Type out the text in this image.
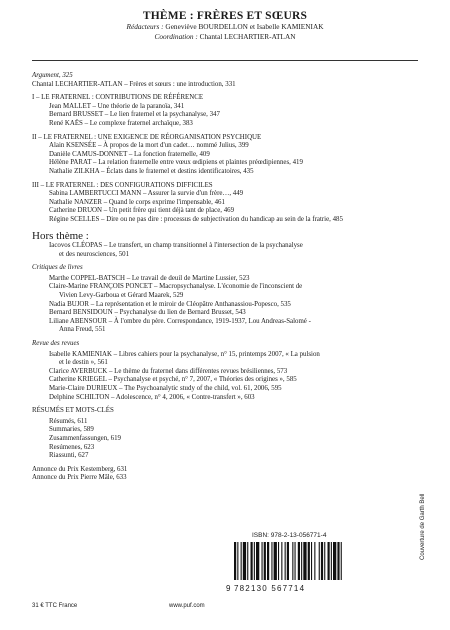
THÈME : FRÈRES ET SŒURS
Rédacteurs : Geneviève BOURDELLON et Isabelle KAMIENIAK
Coordination : Chantal LECHARTIER-ATLAN
Argument, 325
Chantal LECHARTIER-ATLAN – Frères et sœurs : une introduction, 331
I – LE FRATERNEL : CONTRIBUTIONS DE RÉFÉRENCE
Jean MALLET – Une théorie de la paranoïa, 341
Bernard BRUSSET – Le lien fraternel et la psychanalyse, 347
René KAËS – Le complexe fraternel archaïque, 383
II – LE FRATERNEL : UNE EXIGENCE DE RÉORGANISATION PSYCHIQUE
Alain KSENSÉE – À propos de la mort d'un cadet… nommé Julius, 399
Danièle CAMUS-DONNET – La fonction fraternelle, 409
Hélène PARAT – La relation fraternelle entre vœux œdipiens et plaintes préœdipiennes, 419
Nathalie ZILKHA – Éclats dans le fraternel et destins identificatoires, 435
III – LE FRATERNEL : DES CONFIGURATIONS DIFFICILES
Sabina LAMBERTUCCI MANN – Assurer la survie d'un frère…, 449
Nathalie NANZER – Quand le corps exprime l'impensable, 461
Catherine DRUON – Un petit frère qui tient déjà tant de place, 469
Régine SCELLES – Dire ou ne pas dire : processus de subjectivation du handicap au sein de la fratrie, 485
Hors thème :
Iacovos CLÉOPAS – Le transfert, un champ transitionnel à l'intersection de la psychanalyse
et des neurosciences, 501
Critiques de livres
Marthe COPPEL-BATSCH – Le travail de deuil de Martine Lussier, 523
Claire-Marine FRANÇOIS PONCET – Macropsychanalyse. L'économie de l'inconscient de
Vivien Levy-Garboua et Gérard Maarek, 529
Nadia BUJOR – La représentation et le miroir de Cléopâtre Anthanassiou-Popesco, 535
Bernard BENSIDOUN – Psychanalyse du lien de Bernard Brusset, 543
Liliane ABENSOUR – À l'ombre du père. Correspondance, 1919-1937, Lou Andreas-Salomé -
Anna Freud, 551
Revue des revues
Isabelle KAMIENIAK – Libres cahiers pour la psychanalyse, n° 15, printemps 2007, « La pulsion
et le destin », 561
Clarice AVERBUCK – Le thème du fraternel dans différentes revues brésiliennes, 573
Catherine KRIEGEL – Psychanalyse et psyché, n° 7, 2007, « Théories des origines », 585
Marie-Claire DURIEUX – The Psychoanalytic study of the child, vol. 61, 2006, 595
Delphine SCHILTON – Adolescence, n° 4, 2006, « Contre-transfert », 603
RÉSUMÉS ET MOTS-CLÉS
Résumés, 611
Summaries, 589
Zusammenfassungen, 619
Resúmenes, 623
Riassunti, 627
Annonce du Prix Kestemberg, 631
Annonce du Prix Pierre Mâle, 633
ISBN: 978-2-13-056771-4
9 782130 567714
Couverture de Garth Bell
31 € TTC France	www.puf.com
